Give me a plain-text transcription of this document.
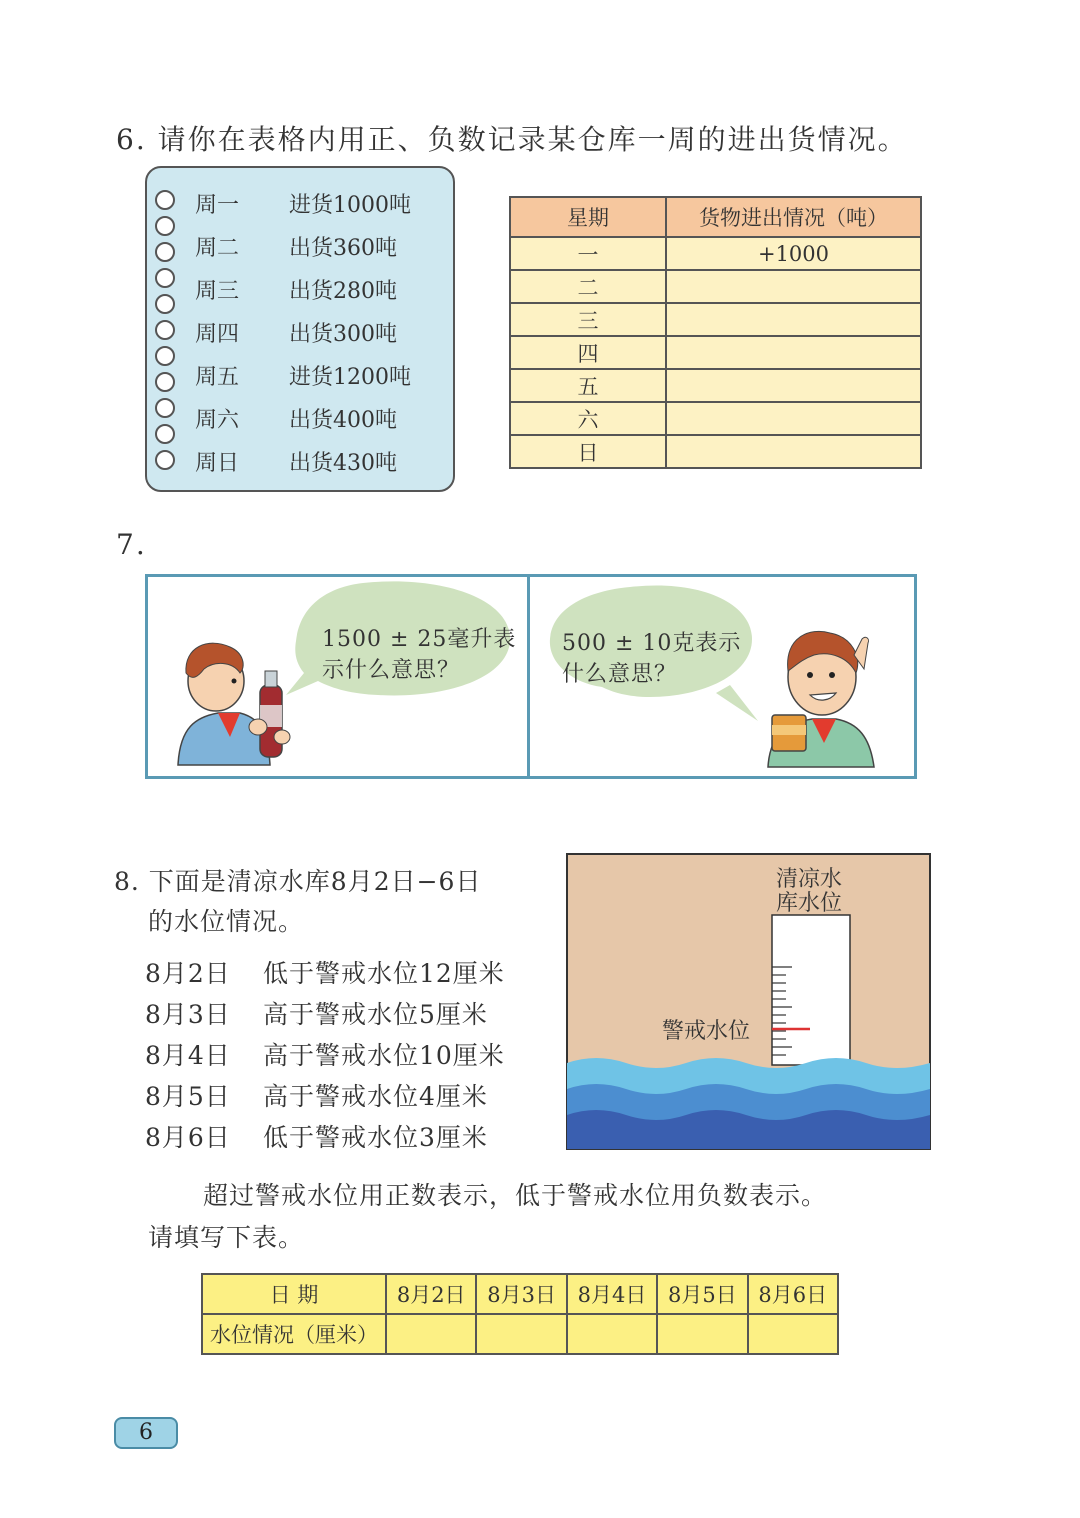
6. 请你在表格内用正、负数记录某仓库一周的进出货情况。
周一 进货1000吨
周二 出货360吨
周三 出货280吨
周四 出货300吨
周五 进货1200吨
周六 出货400吨
周日 出货430吨
星期	货物进出情况（吨）
一	+1000
二	
三	
四	
五	
六	
日	
7.
1500 ± 25毫升表
示什么意思？
500 ± 10克表示
什么意思？
8. 下面是清凉水库8月2日−6日
的水位情况。
8月2日 低于警戒水位12厘米
8月3日 高于警戒水位5厘米
8月4日 高于警戒水位10厘米
8月5日 高于警戒水位4厘米
8月6日 低于警戒水位3厘米
清凉水
库水位
警戒水位
超过警戒水位用正数表示，低于警戒水位用负数表示。
请填写下表。
日 期	8月2日	8月3日	8月4日	8月5日	8月6日
水位情况（厘米）					
6
